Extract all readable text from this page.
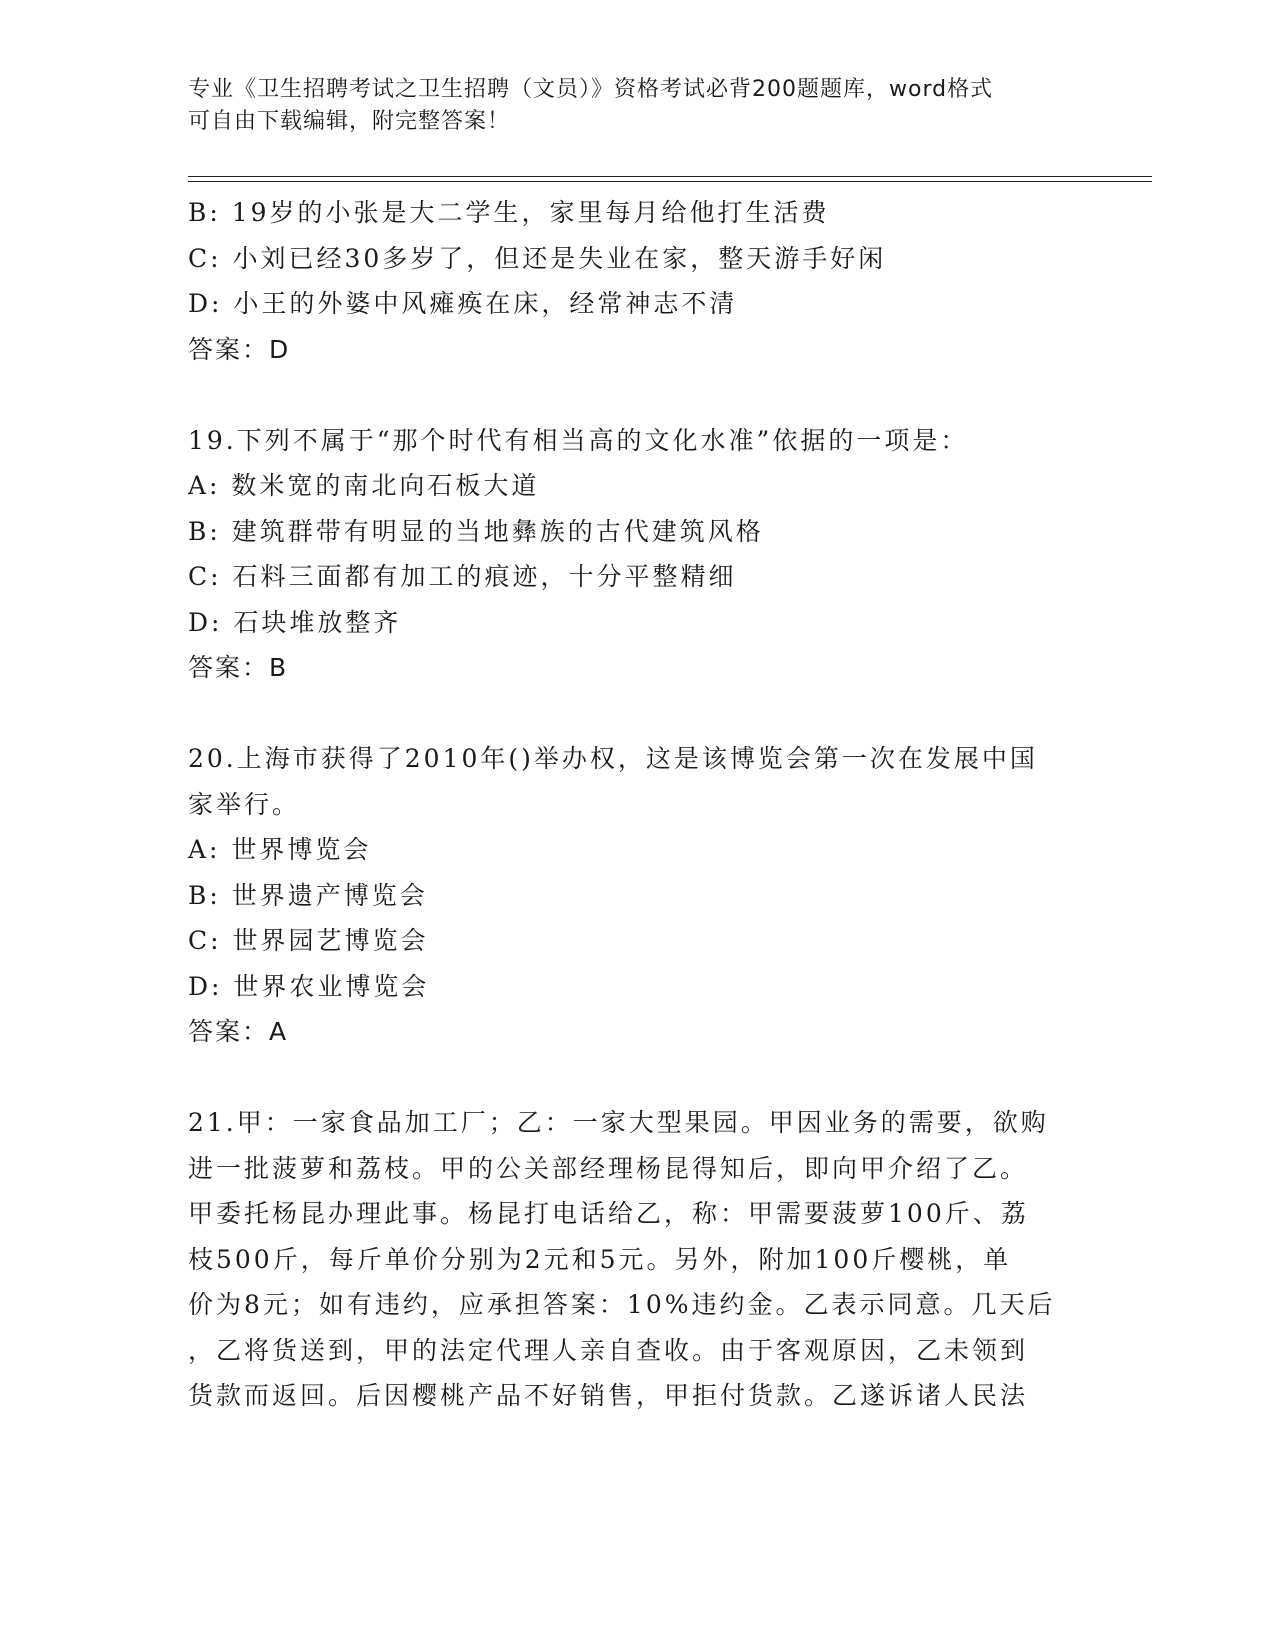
专业《卫生招聘考试之卫生招聘（文员）》资格考试必背200题题库，word格式
可自由下载编辑，附完整答案！
B: 19岁的小张是大二学生，家里每月给他打生活费
C: 小刘已经30多岁了，但还是失业在家，整天游手好闲
D: 小王的外婆中风瘫痪在床，经常神志不清
答案：D
19.下列不属于“那个时代有相当高的文化水准”依据的一项是：
A: 数米宽的南北向石板大道
B: 建筑群带有明显的当地彝族的古代建筑风格
C: 石料三面都有加工的痕迹，十分平整精细
D: 石块堆放整齐
答案：B
20.上海市获得了2010年()举办权，这是该博览会第一次在发展中国
家举行。
A: 世界博览会
B: 世界遗产博览会
C: 世界园艺博览会
D: 世界农业博览会
答案：A
21.甲：一家食品加工厂；乙：一家大型果园。甲因业务的需要，欲购
进一批菠萝和荔枝。甲的公关部经理杨昆得知后，即向甲介绍了乙。
甲委托杨昆办理此事。杨昆打电话给乙，称：甲需要菠萝100斤、荔
枝500斤，每斤单价分别为2元和5元。另外，附加100斤樱桃，单
价为8元；如有违约，应承担答案：10%违约金。乙表示同意。几天后
，乙将货送到，甲的法定代理人亲自查收。由于客观原因，乙未领到
货款而返回。后因樱桃产品不好销售，甲拒付货款。乙遂诉诸人民法
